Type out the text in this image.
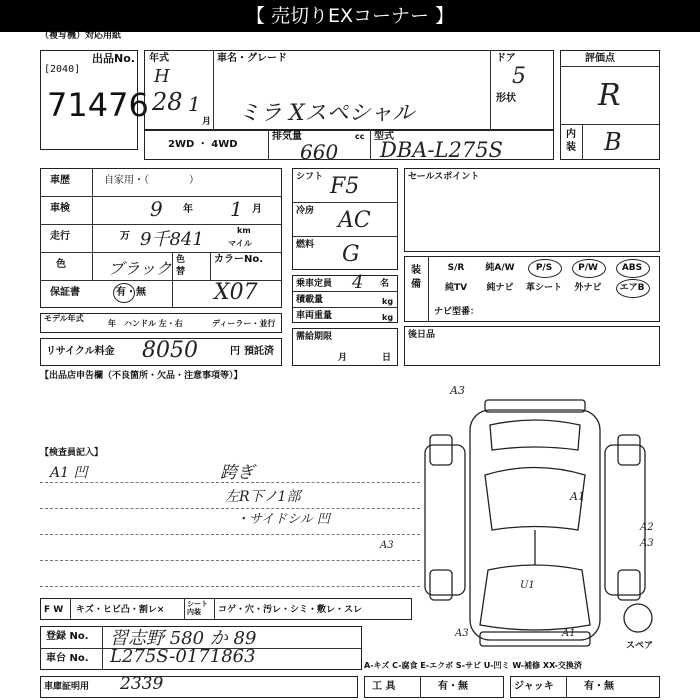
【 売切りEXコーナー 】
（複写機）対応用紙
出品No.
[2040]
71476
年式
H
28 1
月
車名・グレード
ミラ Xスペシャル
ドア
5
形状
2WD ・ 4WD
排気量	cc
660
型式
DBA-L275S
評価点
R
内装 B
車歴	自家用・（　　　　）
車検	9 年 1 月
走行	万 9千841	km
マイル
色	ブラック 色替
カラーNo.
保証書	有・無	X07
モデル年式
年 ハンドル 左・右	ディーラー・並行
リサイクル料金 8050	円 預託済
【出品店申告欄（不良箇所・欠品・注意事項等）】
シフト F5
冷房 AC
燃料 G
乗車定員 4 名
積載量	kg
車両重量	kg
需給期限
月	日
セールスポイント
装備
S/R	純A/W	P/S	P/W	ABS
純TV	純ナビ	革シート	外ナビ	エアB
ナビ型番：
後日品
【検査員記入】
A1 凹	跨ぎ
左R下ノ1部
・サイドシル 凹
A3
A1
A2
A3
A3
U1
A3	A1
スペア
F W キズ・ヒビ凸・割レ×
シート内装	コゲ・穴・汚レ・シミ・敷レ・スレ
登録 No. 習志野 580 か 89
車台 No. L275S-0171863	A-キズ C-腐食 E-エクボ S-サビ U-凹ミ W-補修 XX-交換済
車庫証明用 2339	工 具	有・無	ジャッキ	有・無
